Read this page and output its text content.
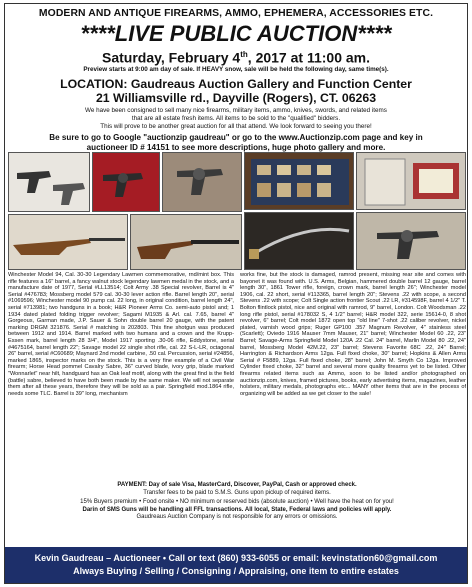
MODERN AND ANTIQUE FIREARMS, AMMO, EPHEMERA, ACCESSORIES ETC.
****LIVE PUBLIC AUCTION****
Saturday, February 4th, 2017 at 11:00 am.
Preview starts at 9:00 am day of sale. If HEAVY snow, sale will be held the following day, same time(s).
LOCATION: Gaudreaus Auction Gallery and Function Center
21 Williamsville rd., Dayville (Rogers), CT. 06263
We have been consigned to sell many nice firearms, military items, ammo, knives, swords, and related items
that are all estate fresh items. All items to be sold to the "qualified" bidders.
This will prove to be another great auction for all that attend. We look forward to seeing you there!
Be sure to go to Google "auctionzip gaudreau" or go to the www.Auctionzip.com page and key in
auctioneer ID # 14151 to see more descriptions, huge photo gallery and more.
Winchester Model 94, Cal. 30-30 Legendary Lawmen commemorative, rnd/mint box. This rifle features a 16" barrel, a fancy walnut stock legendary lawmen medal in the stock, and a manufacture date of 1977, Serial #LL13514; Colt Army .38 Special revolver, Barrel is 4" Serial #476783; Mossberg model 579 cal. 30-30 lever action rifle. Barrel length 20", serial #1069596; Winchester model 90 pump cal. 22 long, in original condition, barrel length 24", serial #713981; two handguns in a book; H&R Pioneer Arms Co. semi-auto pistol and; 1 1934 dated plated folding trigger revolver; Sagami M1935 & Arl. cal. 7.65, barrel 4" Gorgeous, Garman made, J.P. Sauer & Sohn double barrel 20 gauge, with the patent marking DRGM 321876. Serial # matching is 202803. This fine shotgun was produced between 1912 and 1914. Barrel marked with two humans and a crown and the Krupp-Essen mark, barrel length 28 3/4", Model 1917 sporting .30-06 rifle, Eddystone, serial #4675164, barrel length 22"; Savage model 22 single shot rifle, cal. 22 S-L-LR, octagonal 26" barrel, serial #C60689; Maynard 2nd model carbine, .50 cal. Percussion, serial #24856, marked 1865, inspector marks on the stock. This is a very fine example of a Civil War firearm; Horse Head pommel Cavalry Sabre, 36" curved blade, ivory grip, blade marked "Wonnarlet" near hilt, handguard has an Oak leaf motif, along with the great find is the field (battle) sabre, believed to have both been made by the same maker. We will not separate them after all these years, therefore they will be sold as a pair. Springfield mod.1864 rifle, needs some TLC. Barrel is 39" long, mechanism
works fine, but the stock is damaged, ramrod present, missing rear site and comes with bayonet it was found with. U.S. Arms, Belgian, hammered double barrel 12 gauge, barrel length 30", 1861 Tower rifle, foreign, crown mark, barrel length 26"; Winchester model 1906, cal. 22 short, serial #113365, barrel length 20"; Stevens .22 with scope, a second Stevens .22 with scope; Colt Single action frontier Scout .22 LR, #314598F, barrel 4 1/2" T. Bolton flintlock pistol, nice and original with ramrod, 9" barrel, London. Colt Woodsman .22 long rifle pistol, serial #178032 S, 4 1/2" barrel; H&R model 322, serie 15614-0, 8 shot revolver, 6" barrel; Colt model 1872 open top "old line" 7-shot .22 caliber revolver, nickel plated, varnish wood grips; Ruger GP100 .357 Magnum Revolver, 4" stainless steel (Scarlett); Oviedo 1916 Mauser 7mm Mauser, 21" barrel; Winchester Model 60 .22, 23" Barrel; Savage-Arms Springfield Model 120A .22 Cal. 24" barrel, Marlin Model 80 .22, 24" barrel, Mossberg Model 42M.22, 23" barrel; Stevens Favorite 68C .22, 24" Barrel; Harrington & Richardson Arms 12ga. Full fixed choke, 30" barrel; Hopkins & Allen Arms Serial # F5889, 12ga. Full fixed choke, 28" barrel; John M. Smyth Co 12ga. Improved Cylinder fixed choke, 32" barrel and several more quality firearms yet to be listed. Other firearms related items such as Ammo, soon to be listed and/or photographed on auctionzip.com, knives, framed pictures, books, early advertising items, magazines, leather holsters, military medals, photographs etc... MANY other items that are in the process of organizing will be added as we get closer to the sale!
PAYMENT: Day of sale Visa, MasterCard, Discover, PayPal, Cash or approved check.
Transfer fees to be paid to S.M.S. Guns upon pickup of required items.
15% Buyers premium • Food onsite • NO minimum or reserved bids (absolute auction) • Well have the heat on for you!
Darin of SMS Guns will be handling all FFL transactions. All local, State, Federal laws and policies will apply.
Gaudreaus Auction Company is not responsible for any errors or omissions.
Kevin Gaudreau – Auctioneer • Call or text (860) 933-6055 or email: kevinstation60@gmail.com
Always Buying / Selling / Consigning / Appraising, one item to entire estates
